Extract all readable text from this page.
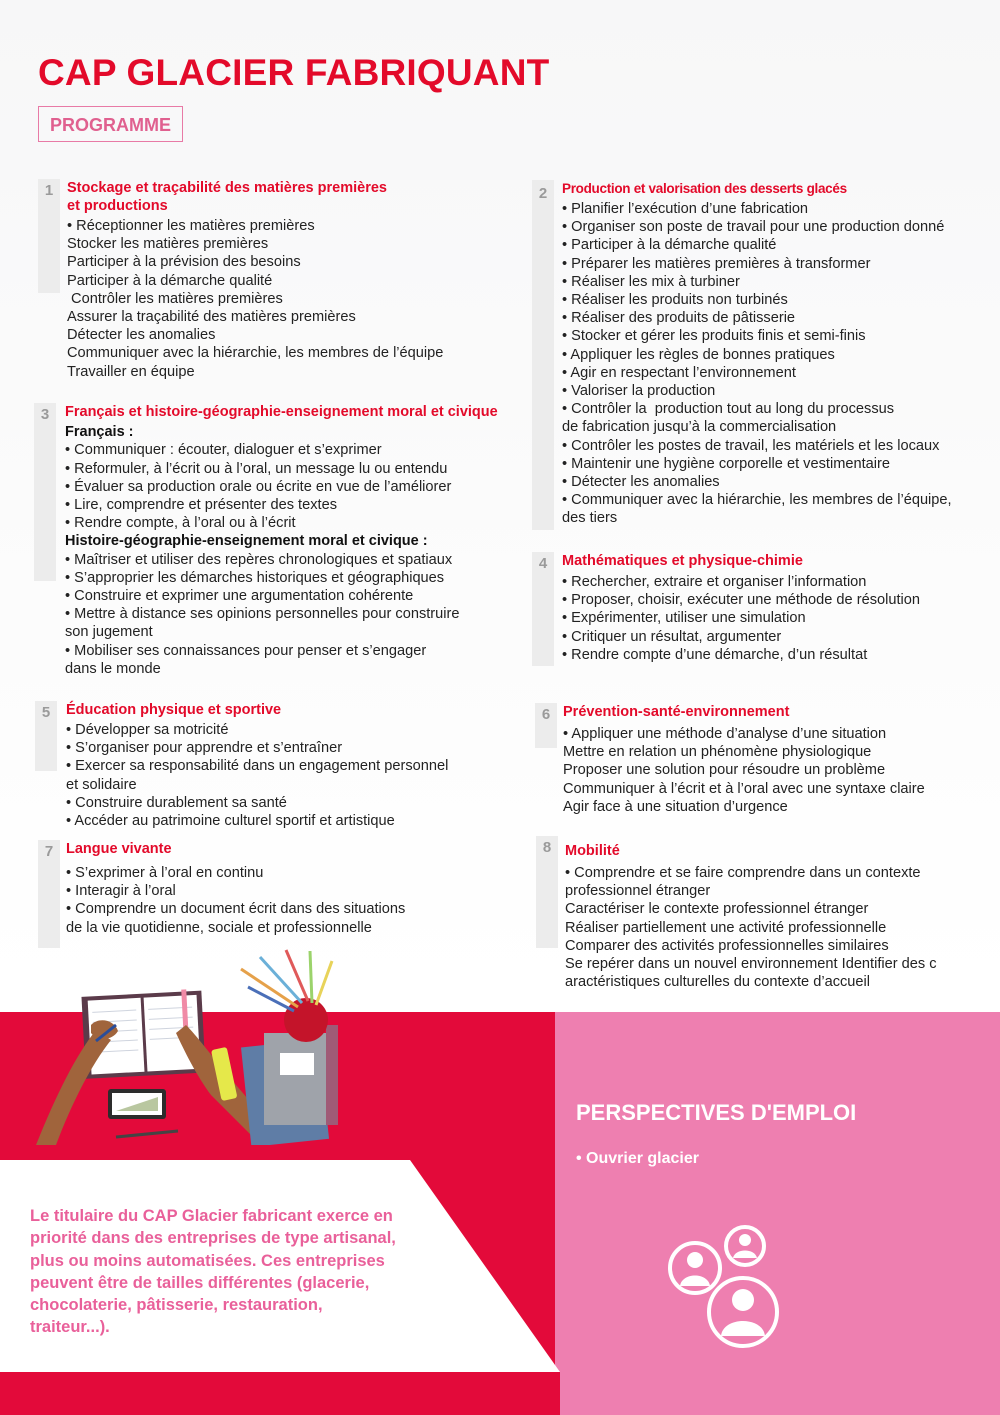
CAP GLACIER FABRIQUANT
PROGRAMME
1 Stockage et traçabilité des matières premières
et productions
• Réceptionner les matières premières
Stocker les matières premières
Participer à la prévision des besoins
Participer à la démarche qualité
Contrôler les matières premières
Assurer la traçabilité des matières premières
Détecter les anomalies
Communiquer avec la hiérarchie, les membres de l’équipe
Travailler en équipe
3	Français et histoire-géographie-enseignement moral et civique
Français :
• Communiquer : écouter, dialoguer et s’exprimer
• Reformuler, à l’écrit ou à l’oral, un message lu ou entendu
• Évaluer sa production orale ou écrite en vue de l’améliorer
• Lire, comprendre et présenter des textes
• Rendre compte, à l’oral ou à l’écrit
Histoire-géographie-enseignement moral et civique :
• Maîtriser et utiliser des repères chronologiques et spatiaux
• S’approprier les démarches historiques et géographiques
• Construire et exprimer une argumentation cohérente
• Mettre à distance ses opinions personnelles pour construire
son jugement
• Mobiliser ses connaissances pour penser et s’engager
dans le monde
5	Éducation physique et sportive
• Développer sa motricité
• S’organiser pour apprendre et s’entraîner
• Exercer sa responsabilité dans un engagement personnel
et solidaire
• Construire durablement sa santé
• Accéder au patrimoine culturel sportif et artistique
7 Langue vivante
• S’exprimer à l’oral en continu
• Interagir à l’oral
• Comprendre un document écrit dans des situations
de la vie quotidienne, sociale et professionnelle
2	Production et valorisation des desserts glacés
• Planifier l’exécution d’une fabrication
• Organiser son poste de travail pour une production donné
• Participer à la démarche qualité
• Préparer les matières premières à transformer
• Réaliser les mix à turbiner
• Réaliser les produits non turbinés
• Réaliser des produits de pâtisserie
• Stocker et gérer les produits finis et semi-finis
• Appliquer les règles de bonnes pratiques
• Agir en respectant l’environnement
• Valoriser la production
• Contrôler la  production tout au long du processus
de fabrication jusqu’à la commercialisation
• Contrôler les postes de travail, les matériels et les locaux
• Maintenir une hygiène corporelle et vestimentaire
• Détecter les anomalies
• Communiquer avec la hiérarchie, les membres de l’équipe,
des tiers
4	Mathématiques et physique-chimie
• Rechercher, extraire et organiser l’information
• Proposer, choisir, exécuter une méthode de résolution
• Expérimenter, utiliser une simulation
• Critiquer un résultat, argumenter
• Rendre compte d’une démarche, d’un résultat
6 Prévention-santé-environnement
• Appliquer une méthode d’analyse d’une situation
Mettre en relation un phénomène physiologique
Proposer une solution pour résoudre un problème
Communiquer à l’écrit et à l’oral avec une syntaxe claire
Agir face à une situation d’urgence
8 Mobilité
• Comprendre et se faire comprendre dans un contexte
professionnel étranger
Caractériser le contexte professionnel étranger
Réaliser partiellement une activité professionnelle
Comparer des activités professionnelles similaires
Se repérer dans un nouvel environnement Identifier des c
aractéristiques culturelles du contexte d’accueil
PERSPECTIVES D'EMPLOI
• Ouvrier glacier
Le titulaire du CAP Glacier fabricant exerce en
priorité dans des entreprises de type artisanal,
plus ou moins automatisées. Ces entreprises
peuvent être de tailles différentes (glacerie,
chocolaterie, pâtisserie, restauration,
traiteur...).
